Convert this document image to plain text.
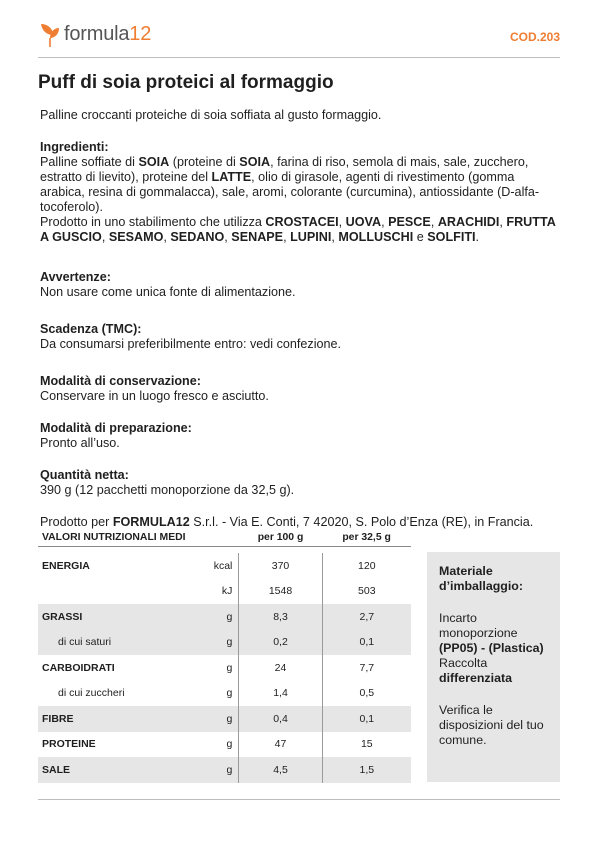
formula12	COD.203
Puff di soia proteici al formaggio

Palline croccanti proteiche di soia soffiata al gusto formaggio.

Ingredienti:

Palline soffiate di SOIA (proteine di SOIA, farina di riso, semola di mais, sale, zucchero, estratto di lievito), proteine del LATTE, olio di girasole, agenti di rivestimento (gomma arabica, resina di gommalacca), sale, aromi, colorante (curcumina), antiossidante (D-alfa-tocoferolo).

Prodotto in uno stabilimento che utilizza CROSTACEI, UOVA, PESCE, ARACHIDI, FRUTTA A GUSCIO, SESAMO, SEDANO, SENAPE, LUPINI, MOLLUSCHI e SOLFITI.

Avvertenze:

Non usare come unica fonte di alimentazione.

Scadenza (TMC):

Da consumarsi preferibilmente entro: vedi confezione.

Modalità di conservazione:

Conservare in un luogo fresco e asciutto.

Modalità di preparazione:

Pronto all’uso.

Quantità netta:

390 g (12 pacchetti monoporzione da 32,5 g).

Prodotto per FORMULA12 S.r.l. - Via E. Conti, 7 42020, S. Polo d’Enza (RE), in Francia.

VALORI NUTRIZIONALI MEDI		per 100 g	per 32,5 g

ENERGIA	kcal	370	120
	kJ	1548	503
GRASSI	g	8,3	2,7
di cui saturi	g	0,2	0,1
CARBOIDRATI	g	24	7,7
di cui zuccheri	g	1,4	0,5
FIBRE	g	0,4	0,1
PROTEINE	g	47	15
SALE	g	4,5	1,5

Materiale d’imballaggio:

Incarto monoporzione

(PP05) - (Plastica)

Raccolta

differenziata

Verifica le disposizioni del tuo comune.
